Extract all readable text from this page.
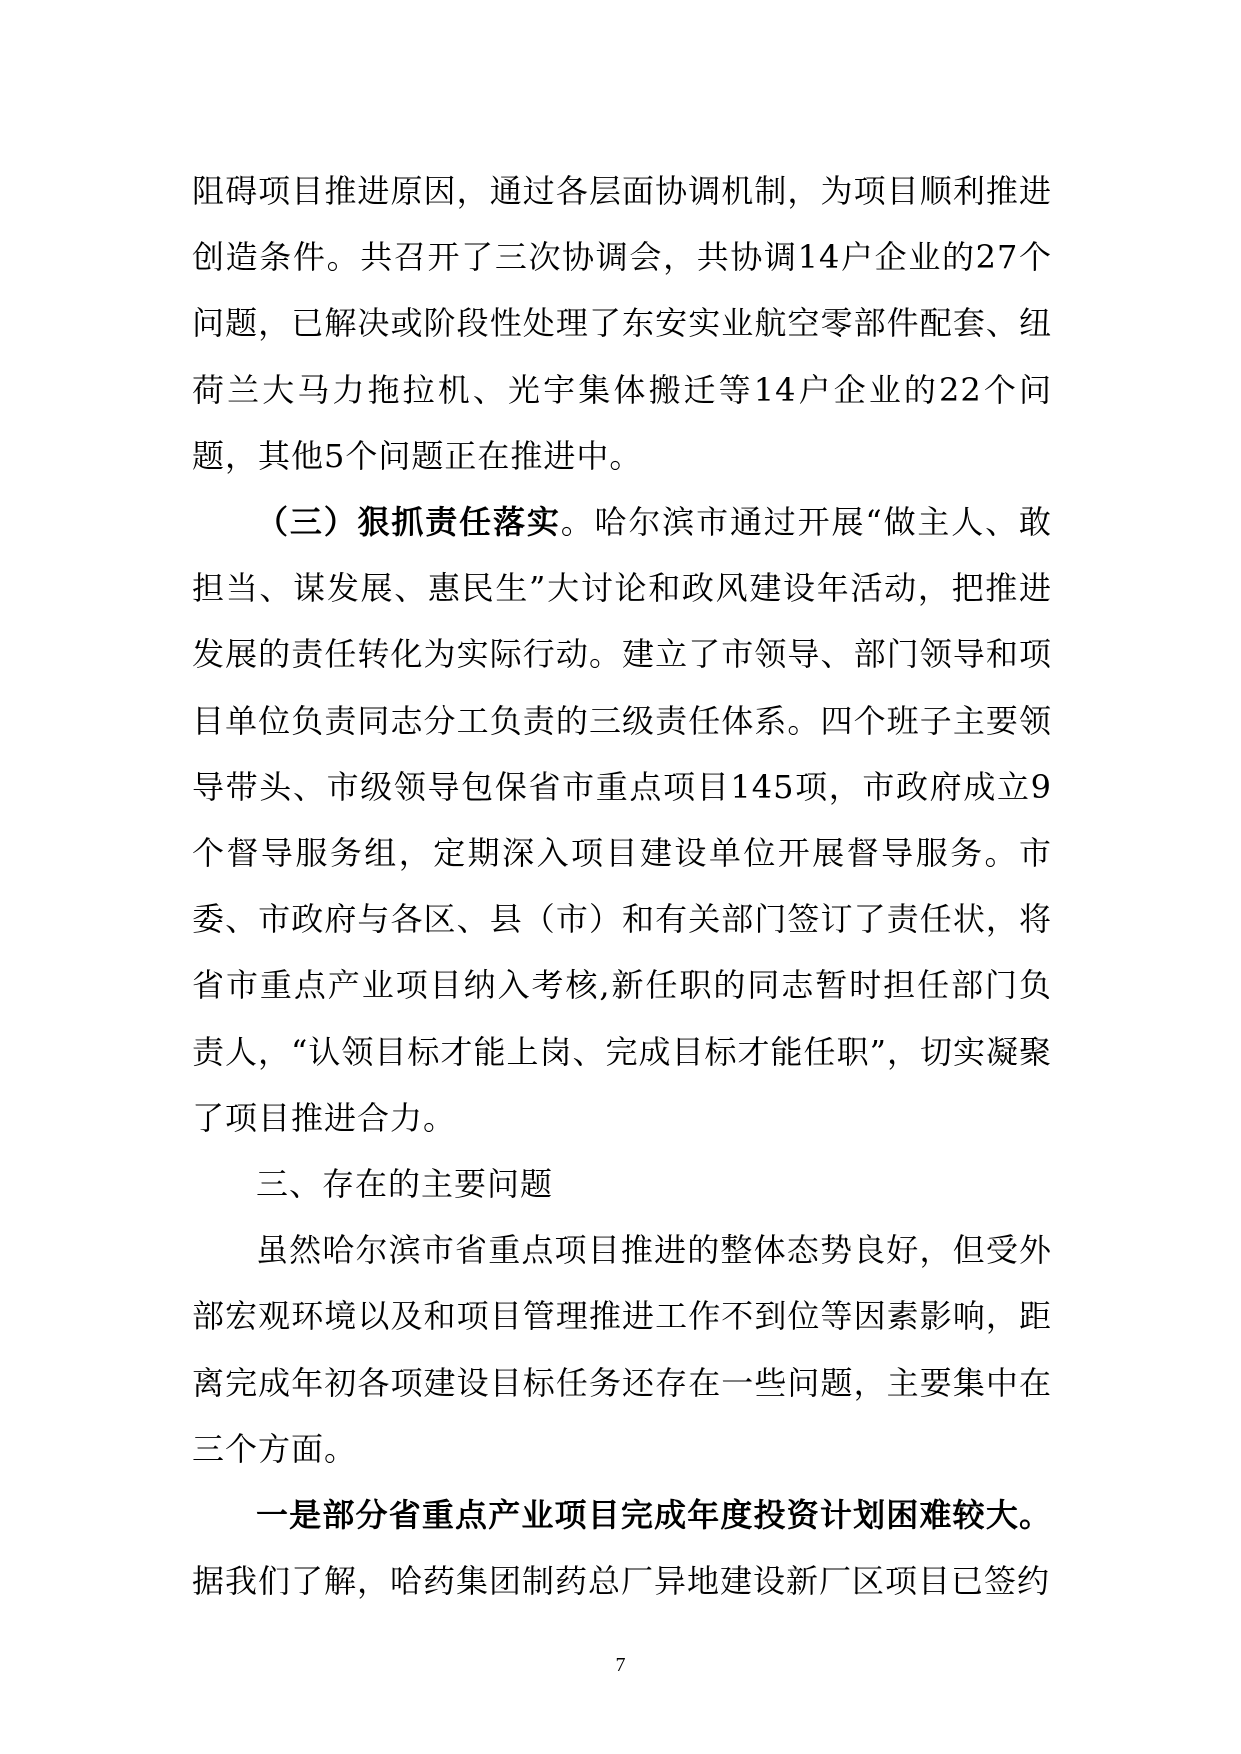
阻碍项目推进原因，通过各层面协调机制，为项目顺利推进创造条件。共召开了三次协调会，共协调14户企业的27个问题，已解决或阶段性处理了东安实业航空零部件配套、纽荷兰大马力拖拉机、光宇集体搬迁等14户企业的22个问题，其他5个问题正在推进中。

（三）狠抓责任落实。哈尔滨市通过开展“做主人、敢担当、谋发展、惠民生”大讨论和政风建设年活动，把推进发展的责任转化为实际行动。建立了市领导、部门领导和项目单位负责同志分工负责的三级责任体系。四个班子主要领导带头、市级领导包保省市重点项目145项，市政府成立9个督导服务组，定期深入项目建设单位开展督导服务。市委、市政府与各区、县（市）和有关部门签订了责任状，将省市重点产业项目纳入考核,新任职的同志暂时担任部门负责人，“认领目标才能上岗、完成目标才能任职”，切实凝聚了项目推进合力。

三、存在的主要问题

虽然哈尔滨市省重点项目推进的整体态势良好，但受外部宏观环境以及和项目管理推进工作不到位等因素影响，距离完成年初各项建设目标任务还存在一些问题，主要集中在三个方面。

一是部分省重点产业项目完成年度投资计划困难较大。据我们了解，哈药集团制药总厂异地建设新厂区项目已签约

7
